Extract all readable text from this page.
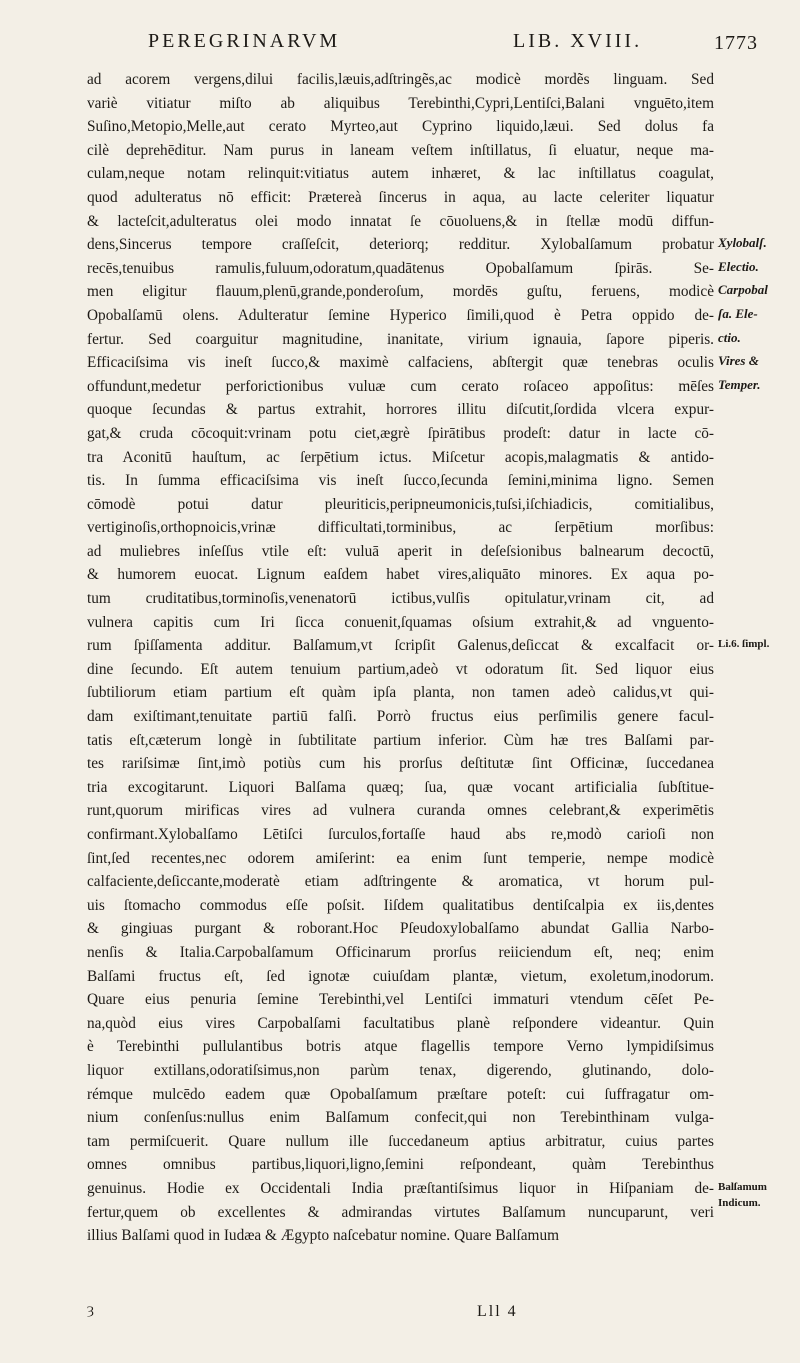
PEREGRINARVM	LIB. XVIII.	1773
ad acorem vergens,dilui facilis,læuis,adſtringẽs,ac modicè mordẽs linguam. Sed
variè vitiatur miſto ab aliquibus Terebinthi,Cypri,Lentiſci,Balani vnguēto,item
Suſino,Metopio,Melle,aut cerato Myrteo,aut Cyprino liquido,læui. Sed dolus fa
cilè deprehēditur. Nam purus in laneam veſtem inſtillatus, ſi eluatur, neque ma-
culam,neque notam relinquit:vitiatus autem inhæret, & lac inſtillatus coagulat,
quod adulteratus nō efficit: Prætereà ſincerus in aqua, au lacte celeriter liquatur
& lacteſcit,adulteratus olei modo innatat ſe cōuoluens,& in ſtellæ modū diffun-
dens,Sincerus tempore craſſeſcit, deteriorq; redditur. Xylobalſamum probatur
recēs,tenuibus ramulis,fuluum,odoratum,quadātenus Opobalſamum ſpirās. Se-
men eligitur flauum,plenū,grande,ponderoſum, mordēs guſtu, feruens, modicè
Opobalſamū olens. Adulteratur ſemine Hyperico ſimili,quod è Petra oppido de-
fertur. Sed coarguitur magnitudine, inanitate, virium ignauia, ſapore piperis.
Efficaciſsima vis ineſt ſucco,& maximè calfaciens, abſtergit quæ tenebras oculis
offundunt,medetur perforictionibus vuluæ cum cerato roſaceo appoſitus: mēſes
quoque ſecundas & partus extrahit, horrores illitu diſcutit,ſordida vlcera expur-
gat,& cruda cōcoquit:vrinam potu ciet,ægrè ſpirātibus prodeſt: datur in lacte cō-
tra Aconitū hauſtum, ac ſerpētium ictus. Miſcetur acopis,malagmatis & antido-
tis. In ſumma efficaciſsima vis ineſt ſucco,ſecunda ſemini,minima ligno. Semen
cōmodè potui datur pleuriticis,peripneumonicis,tuſsi,iſchiadicis, comitialibus,
vertiginoſis,orthopnoicis,vrinæ difficultati,torminibus, ac ſerpētium morſibus:
ad muliebres inſeſſus vtile eſt: vuluā aperit in deſeſsionibus balnearum decoctū,
& humorem euocat. Lignum eaſdem habet vires,aliquāto minores. Ex aqua po-
tum cruditatibus,torminoſis,venenatorū ictibus,vulſis opitulatur,vrinam cit, ad
vulnera capitis cum Iri ſicca conuenit,ſquamas oſsium extrahit,& ad vnguento-
rum ſpiſſamenta additur. Balſamum,vt ſcripſit Galenus,deſiccat & excalfacit or-
dine ſecundo. Eſt autem tenuium partium,adeò vt odoratum ſit. Sed liquor eius
ſubtiliorum etiam partium eſt quàm ipſa planta, non tamen adeò calidus,vt qui-
dam exiſtimant,tenuitate partiū falſi. Porrò fructus eius perſimilis genere facul-
tatis eſt,cæterum longè in ſubtilitate partium inferior. Cùm hæ tres Balſami par-
tes rariſsimæ ſint,imò potiùs cum his prorſus deſtitutæ ſint Officinæ, ſuccedanea
tria excogitarunt. Liquori Balſama quæq; ſua, quæ vocant artificialia ſubſtitue-
runt,quorum mirificas vires ad vulnera curanda omnes celebrant,& experimētis
confirmant.Xylobalſamo Lētiſci ſurculos,fortaſſe haud abs re,modò carioſi non
ſint,ſed recentes,nec odorem amiſerint: ea enim ſunt temperie, nempe modicè
calfaciente,deſiccante,moderatè etiam adſtringente & aromatica, vt horum pul-
uis ſtomacho commodus eſſe poſsit. Iiſdem qualitatibus dentiſcalpia ex iis,dentes
& gingiuas purgant & roborant.Hoc Pſeudoxylobalſamo abundat Gallia Narbo-
nenſis & Italia.Carpobalſamum Officinarum prorſus reiiciendum eſt, neq; enim
Balſami fructus eſt, ſed ignotæ cuiuſdam plantæ, vietum, exoletum,inodorum.
Quare eius penuria ſemine Terebinthi,vel Lentiſci immaturi vtendum cēſet Pe-
na,quòd eius vires Carpobalſami facultatibus planè reſpondere videantur. Quin
è Terebinthi pullulantibus botris atque flagellis tempore Verno lympidiſsimus
liquor extillans,odoratiſsimus,non parùm tenax, digerendo, glutinando, dolo-
rémque mulcēdo eadem quæ Opobalſamum præſtare poteſt: cui ſuffragatur om-
nium conſenſus:nullus enim Balſamum confecit,qui non Terebinthinam vulga-
tam permiſcuerit. Quare nullum ille ſuccedaneum aptius arbitratur, cuius partes
omnes omnibus partibus,liquori,ligno,ſemini reſpondeant, quàm Terebinthus
genuinus. Hodie ex Occidentali India præſtantiſsimus liquor in Hiſpaniam de-
fertur,quem ob excellentes & admirandas virtutes Balſamum nuncuparunt, veri
illius Balſami quod in Iudæa & Ægypto naſcebatur nomine. Quare Balſamum
Xylobalſ.
Electio.
Carpobal
ſa. Ele-
ctio.
Vires &
Temper.
Li.6. ſimpl.
Balſamum Indicum.
Ȝ	Lll 4
